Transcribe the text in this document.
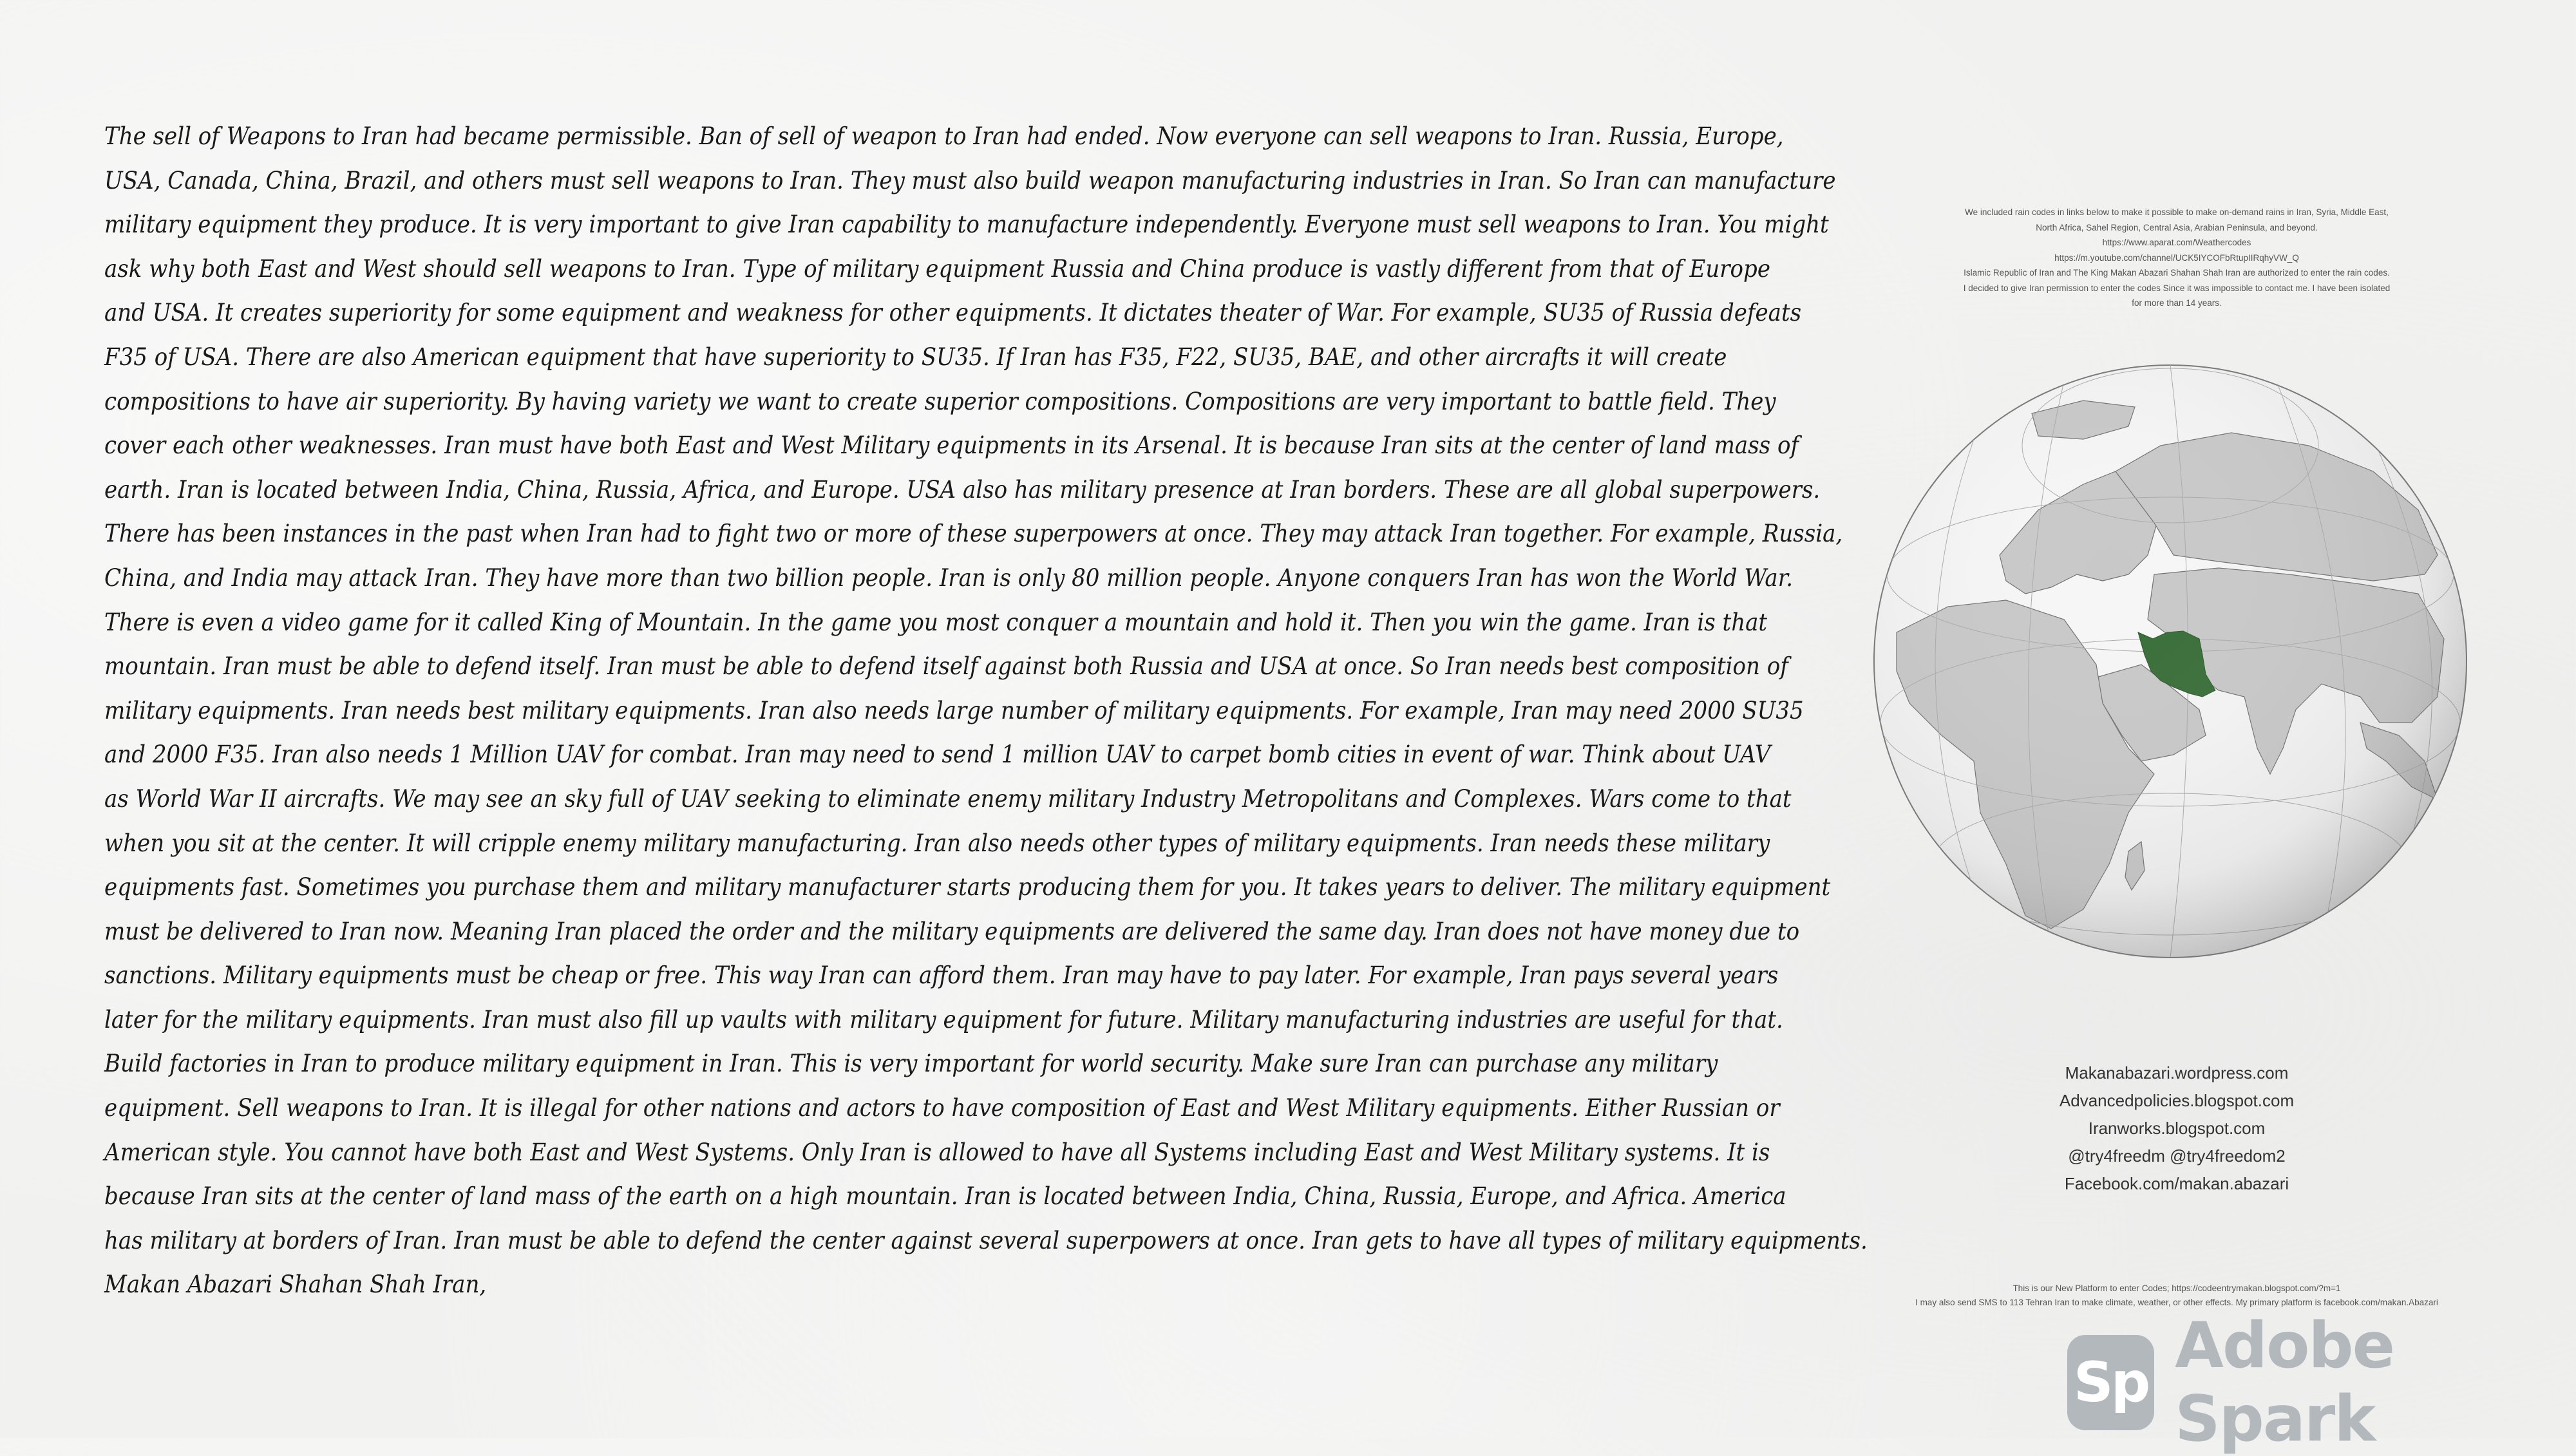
The sell of Weapons to Iran had became permissible. Ban of sell of weapon to Iran had ended. Now everyone can sell weapons to Iran. Russia, Europe,
USA, Canada, China, Brazil, and others must sell weapons to Iran. They must also build weapon manufacturing industries in Iran. So Iran can manufacture
military equipment they produce. It is very important to give Iran capability to manufacture independently. Everyone must sell weapons to Iran. You might
ask why both East and West should sell weapons to Iran. Type of military equipment Russia and China produce is vastly different from that of Europe
and USA. It creates superiority for some equipment and weakness for other equipments. It dictates theater of War. For example, SU35 of Russia defeats
F35 of USA. There are also American equipment that have superiority to SU35. If Iran has F35, F22, SU35, BAE, and other aircrafts it will create
compositions to have air superiority. By having variety we want to create superior compositions. Compositions are very important to battle field. They
cover each other weaknesses. Iran must have both East and West Military equipments in its Arsenal. It is because Iran sits at the center of land mass of
earth. Iran is located between India, China, Russia, Africa, and Europe. USA also has military presence at Iran borders. These are all global superpowers.
There has been instances in the past when Iran had to fight two or more of these superpowers at once. They may attack Iran together. For example, Russia,
China, and India may attack Iran. They have more than two billion people. Iran is only 80 million people. Anyone conquers Iran has won the World War.
There is even a video game for it called King of Mountain. In the game you most conquer a mountain and hold it. Then you win the game. Iran is that
mountain. Iran must be able to defend itself. Iran must be able to defend itself against both Russia and USA at once. So Iran needs best composition of
military equipments. Iran needs best military equipments. Iran also needs large number of military equipments. For example, Iran may need 2000 SU35
and 2000 F35. Iran also needs 1 Million UAV for combat. Iran may need to send 1 million UAV to carpet bomb cities in event of war. Think about UAV
as World War II aircrafts. We may see an sky full of UAV seeking to eliminate enemy military Industry Metropolitans and Complexes. Wars come to that
when you sit at the center. It will cripple enemy military manufacturing. Iran also needs other types of military equipments. Iran needs these military
equipments fast. Sometimes you purchase them and military manufacturer starts producing them for you. It takes years to deliver. The military equipment
must be delivered to Iran now. Meaning Iran placed the order and the military equipments are delivered the same day. Iran does not have money due to
sanctions. Military equipments must be cheap or free. This way Iran can afford them. Iran may have to pay later. For example, Iran pays several years
later for the military equipments. Iran must also fill up vaults with military equipment for future. Military manufacturing industries are useful for that.
Build factories in Iran to produce military equipment in Iran. This is very important for world security. Make sure Iran can purchase any military
equipment. Sell weapons to Iran. It is illegal for other nations and actors to have composition of East and West Military equipments. Either Russian or
American style. You cannot have both East and West Systems. Only Iran is allowed to have all Systems including East and West Military systems. It is
because Iran sits at the center of land mass of the earth on a high mountain. Iran is located between India, China, Russia, Europe, and Africa. America
has military at borders of Iran. Iran must be able to defend the center against several superpowers at once. Iran gets to have all types of military equipments.
Makan Abazari Shahan Shah Iran,
We included rain codes in links below to make it possible to make on-demand rains in Iran, Syria, Middle East,
North Africa, Sahel Region, Central Asia, Arabian Peninsula, and beyond.
https://www.aparat.com/Weathercodes
https://m.youtube.com/channel/UCK5IYCOFbRtupIIRqhyVW_Q
Islamic Republic of Iran and The King Makan Abazari Shahan Shah Iran are authorized to enter the rain codes.
I decided to give Iran permission to enter the codes Since it was impossible to contact me. I have been isolated
for more than 14 years.
Makanabazari.wordpress.com
Advancedpolicies.blogspot.com
Iranworks.blogspot.com
@try4freedm @try4freedom2
Facebook.com/makan.abazari
This is our New Platform to enter Codes; https://codeentrymakan.blogspot.com/?m=1
I may also send SMS to 113 Tehran Iran to make climate, weather, or other effects. My primary platform is facebook.com/makan.Abazari
Sp Adobe Spark
